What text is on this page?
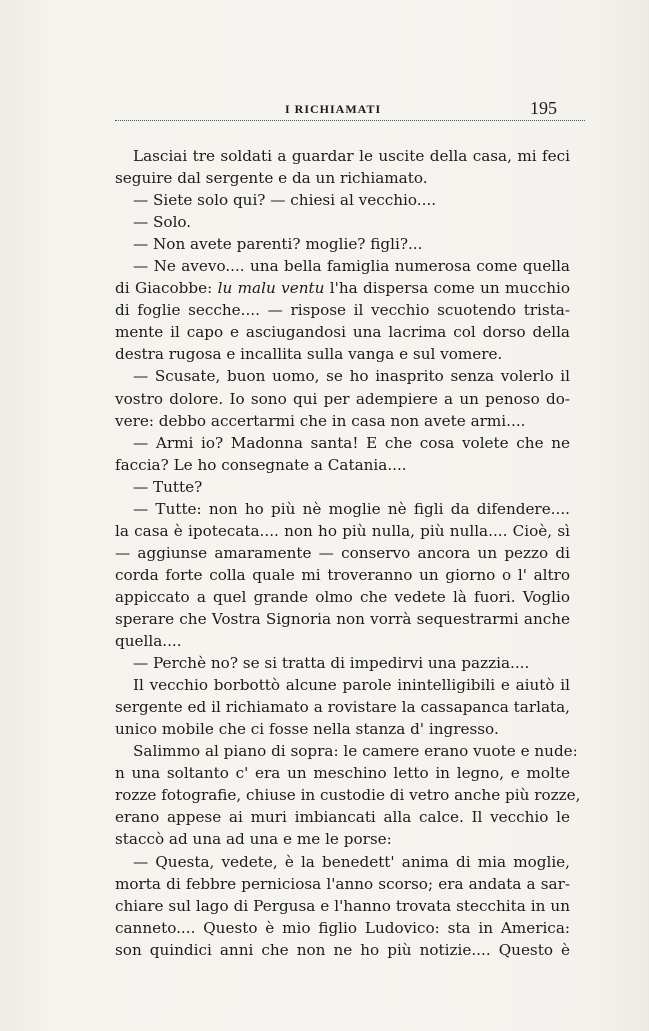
I RICHIAMATI	195
Lasciai tre soldati a guardar le uscite della casa, mi feci
seguire dal sergente e da un richiamato.
— Siete solo qui? — chiesi al vecchio....
— Solo.
— Non avete parenti? moglie? figli?...
— Ne avevo.... una bella famiglia numerosa come quella
di Giacobbe: lu malu ventu l'ha dispersa come un mucchio
di foglie secche.... — rispose il vecchio scuotendo trista-
mente il capo e asciugandosi una lacrima col dorso della
destra rugosa e incallita sulla vanga e sul vomere.
— Scusate, buon uomo, se ho inasprito senza volerlo il
vostro dolore. Io sono qui per adempiere a un penoso do-
vere: debbo accertarmi che in casa non avete armi....
— Armi io? Madonna santa! E che cosa volete che ne
faccia? Le ho consegnate a Catania....
— Tutte?
— Tutte: non ho più nè moglie nè figli da difendere....
la casa è ipotecata.... non ho più nulla, più nulla.... Cioè, sì
— aggiunse amaramente — conservo ancora un pezzo di
corda forte colla quale mi troveranno un giorno o l' altro
appiccato a quel grande olmo che vedete là fuori. Voglio
sperare che Vostra Signoria non vorrà sequestrarmi anche
quella....
— Perchè no? se si tratta di impedirvi una pazzia....
Il vecchio borbottò alcune parole inintelligibili e aiutò il
sergente ed il richiamato a rovistare la cassapanca tarlata,
unico mobile che ci fosse nella stanza d' ingresso.
Salimmo al piano di sopra: le camere erano vuote e nude:
n una soltanto c' era un meschino letto in legno, e molte
rozze fotografie, chiuse in custodie di vetro anche più rozze,
erano appese ai muri imbiancati alla calce. Il vecchio le
staccò ad una ad una e me le porse:
— Questa, vedete, è la benedett' anima di mia moglie,
morta di febbre perniciosa l'anno scorso; era andata a sar-
chiare sul lago di Pergusa e l'hanno trovata stecchita in un
canneto.... Questo è mio figlio Ludovico: sta in America:
son quindici anni che non ne ho più notizie.... Questo è
